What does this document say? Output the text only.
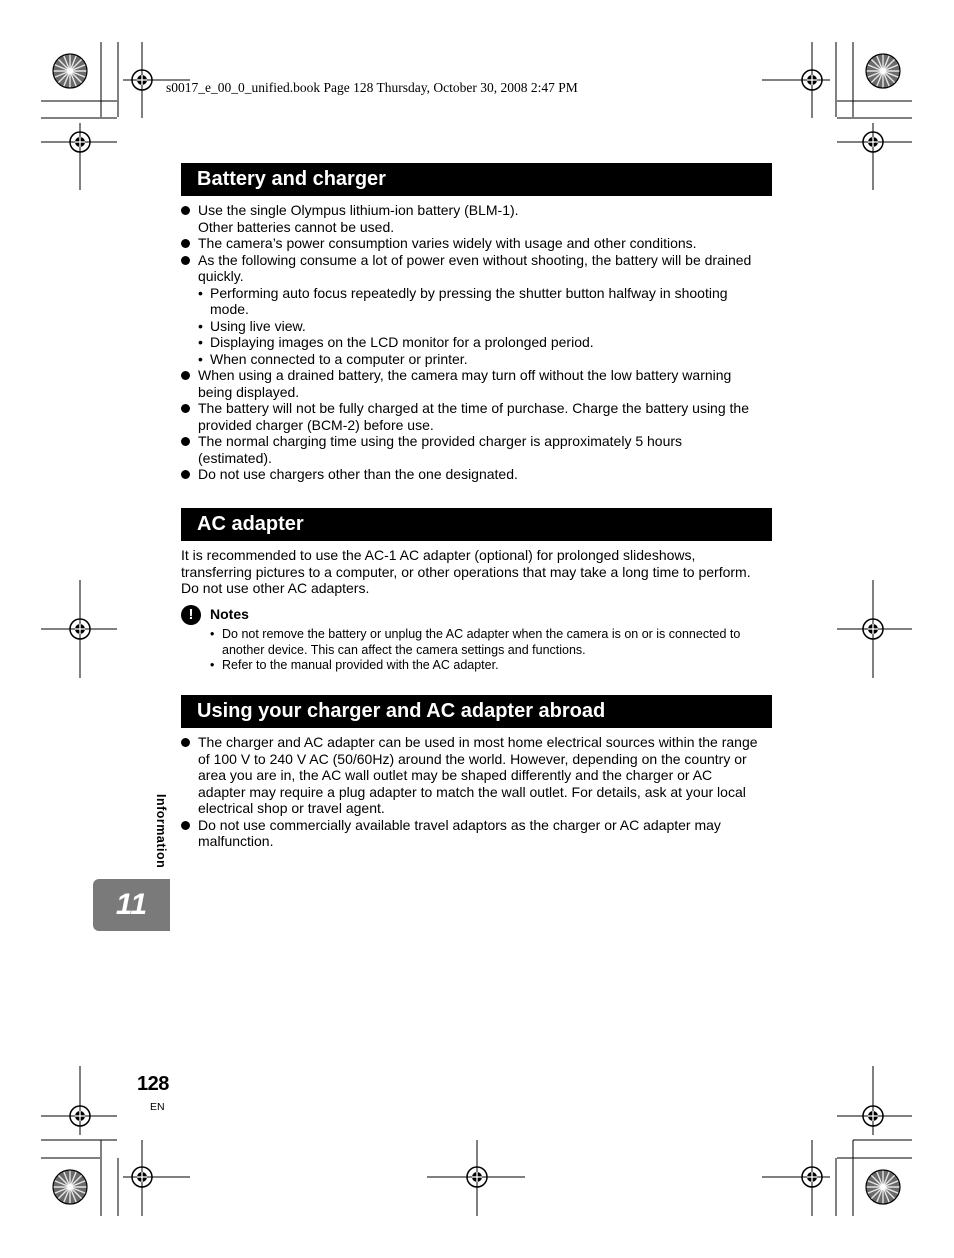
s0017_e_00_0_unified.book Page 128 Thursday, October 30, 2008 2:47 PM
Battery and charger
Use the single Olympus lithium-ion battery (BLM-1).
Other batteries cannot be used.
The camera’s power consumption varies widely with usage and other conditions.
As the following consume a lot of power even without shooting, the battery will be drained
quickly.
• Performing auto focus repeatedly by pressing the shutter button halfway in shooting
mode.
• Using live view.
• Displaying images on the LCD monitor for a prolonged period.
• When connected to a computer or printer.
When using a drained battery, the camera may turn off without the low battery warning
being displayed.
The battery will not be fully charged at the time of purchase. Charge the battery using the
provided charger (BCM-2) before use.
The normal charging time using the provided charger is approximately 5 hours
(estimated).
Do not use chargers other than the one designated.
AC adapter
It is recommended to use the AC-1 AC adapter (optional) for prolonged slideshows,
transferring pictures to a computer, or other operations that may take a long time to perform.
Do not use other AC adapters.
!	Notes
• Do not remove the battery or unplug the AC adapter when the camera is on or is connected to
another device. This can affect the camera settings and functions.
• Refer to the manual provided with the AC adapter.
Using your charger and AC adapter abroad
The charger and AC adapter can be used in most home electrical sources within the range
of 100 V to 240 V AC (50/60Hz) around the world. However, depending on the country or
area you are in, the AC wall outlet may be shaped differently and the charger or AC
adapter may require a plug adapter to match the wall outlet. For details, ask at your local
electrical shop or travel agent.
Do not use commercially available travel adaptors as the charger or AC adapter may
malfunction.
Information
11
128
EN
